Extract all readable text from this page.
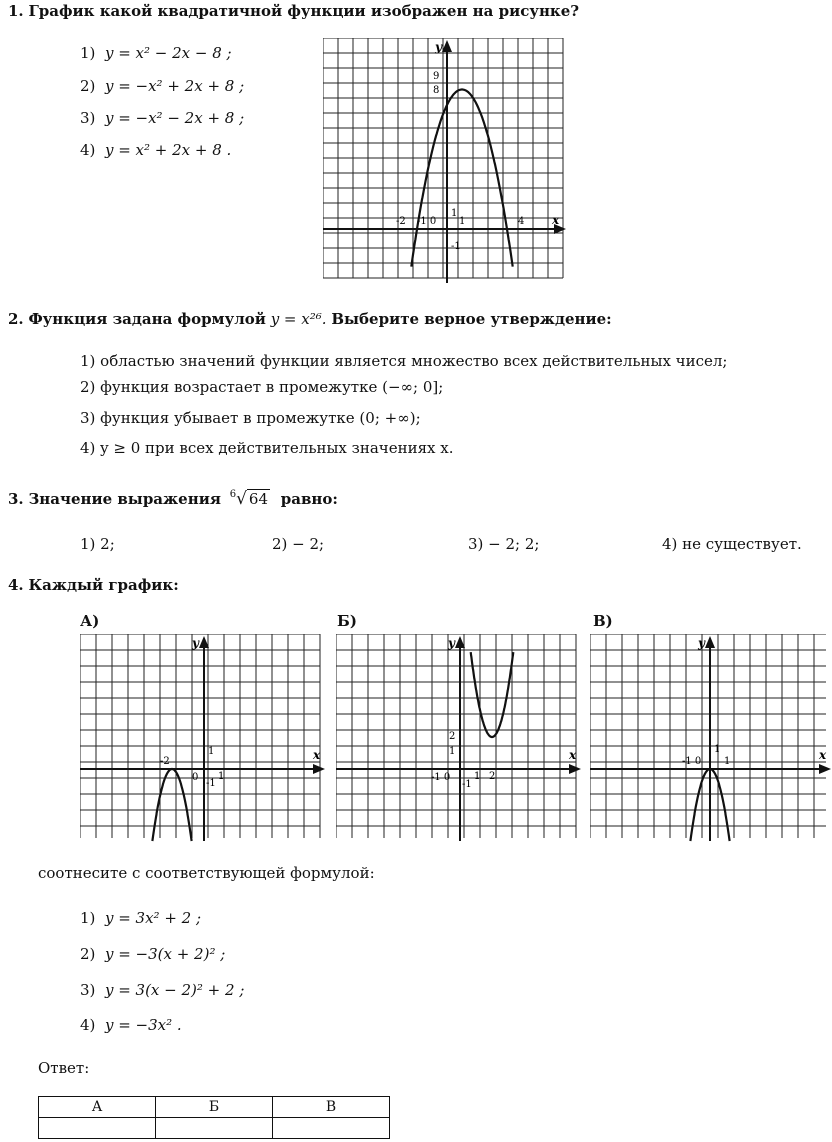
1. График какой квадратичной функции изображен на рисунке?
1) y = x² − 2x − 8 ;
2) y = −x² + 2x + 8 ;
3) y = −x² − 2x + 8 ;
4) y = x² + 2x + 8 .
y
x
9
8
1
-1
-2 -1 0 1	4
2. Функция задана формулой y = x²⁶. Выберите верное утверждение:
1) областью значений функции является множество всех действительных чисел;
2) функция возрастает в промежутке (−∞; 0];
3) функция убывает в промежутке (0; +∞);
4) y ≥ 0 при всех действительных значениях x.
3. Значение выражения $^6$√ 64 равно:
1) 2;	2) − 2;	3) − 2; 2;	4) не существует.
4. Каждый график:
А)	Б)	В)
y
x
1
-2
0
-1
1
y
x
2
1
-1 0
-1
1 2
y
x
1
-1 0 1
соотнесите с соответствующей формулой:
1) y = 3x² + 2 ;
2) y = −3(x + 2)² ;
3) y = 3(x − 2)² + 2 ;
4) y = −3x² .
Ответ:
А	Б	В
